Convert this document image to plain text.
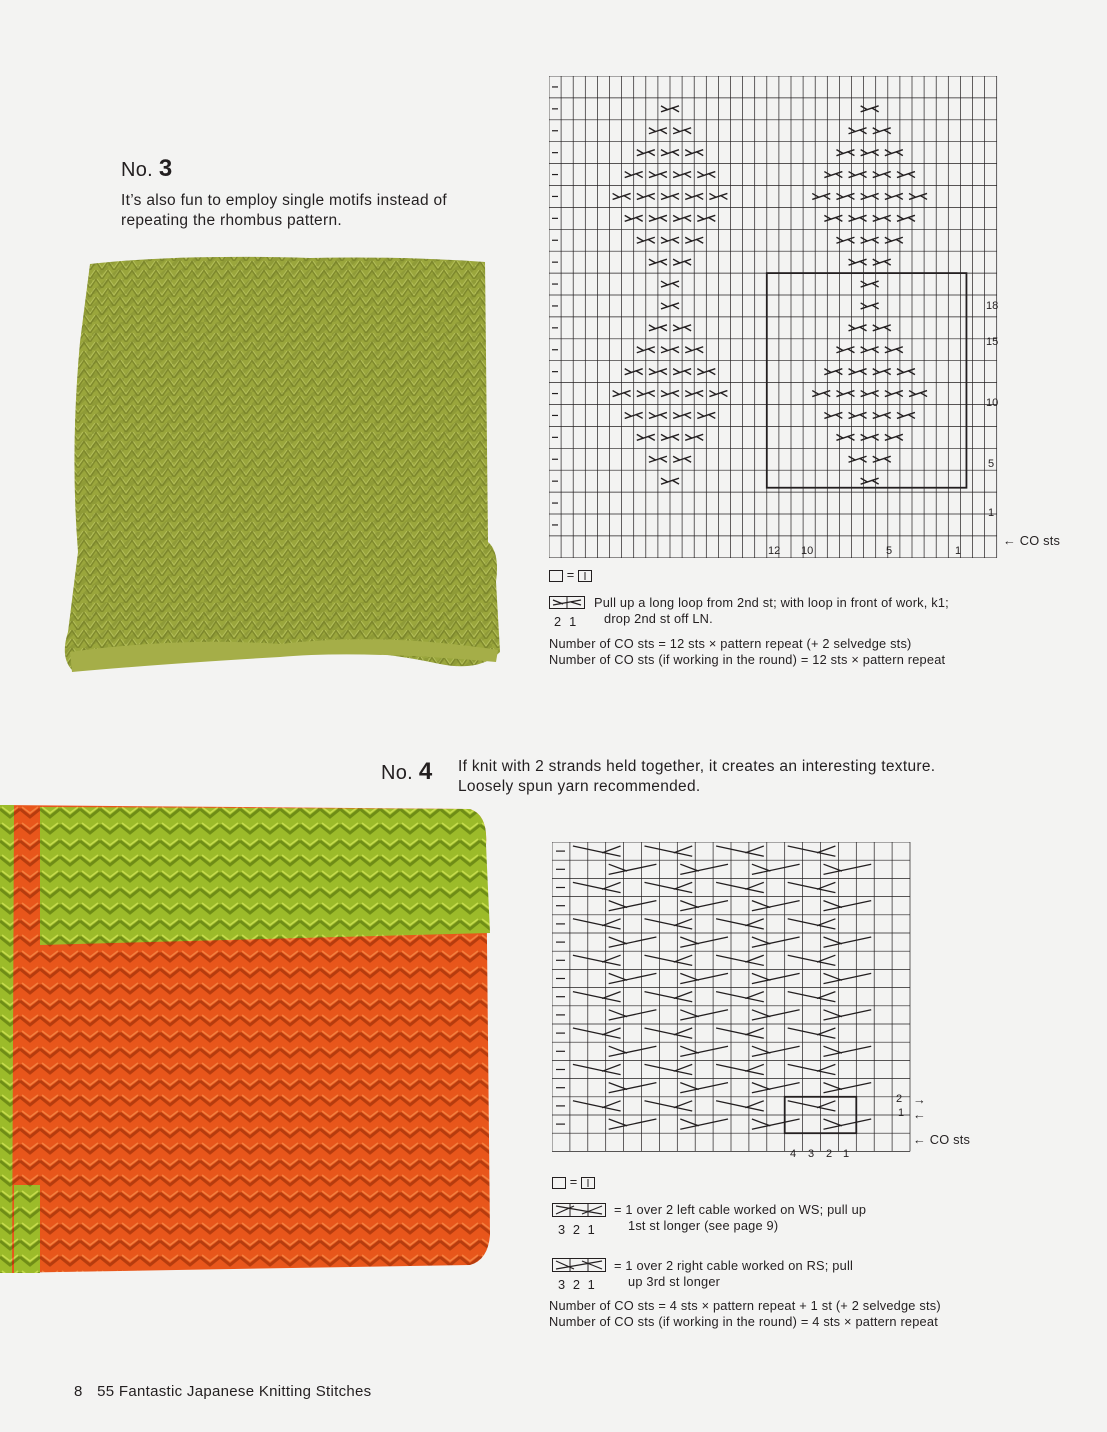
No. 3
It’s also fun to employ single motifs instead of
repeating the rhombus pattern.
18
15
10
5
1
12 10	5	1
← CO sts
=
2 1
Pull up a long loop from 2nd st; with loop in front of work, k1;
drop 2nd st off LN.
Number of CO sts = 12 sts × pattern repeat (+ 2 selvedge sts)
Number of CO sts (if working in the round) = 12 sts × pattern repeat
No. 4 If knit with 2 strands held together, it creates an interesting texture.
Loosely spun yarn recommended.
2
1
→
←
← CO sts
4 3 2 1
=
3  2  1
= 1 over 2 left cable worked on WS; pull up
1st st longer (see page 9)
3  2  1
= 1 over 2 right cable worked on RS; pull
up 3rd st longer
Number of CO sts = 4 sts × pattern repeat + 1 st (+ 2 selvedge sts)
Number of CO sts (if working in the round) = 4 sts × pattern repeat
8 55 Fantastic Japanese Knitting Stitches
